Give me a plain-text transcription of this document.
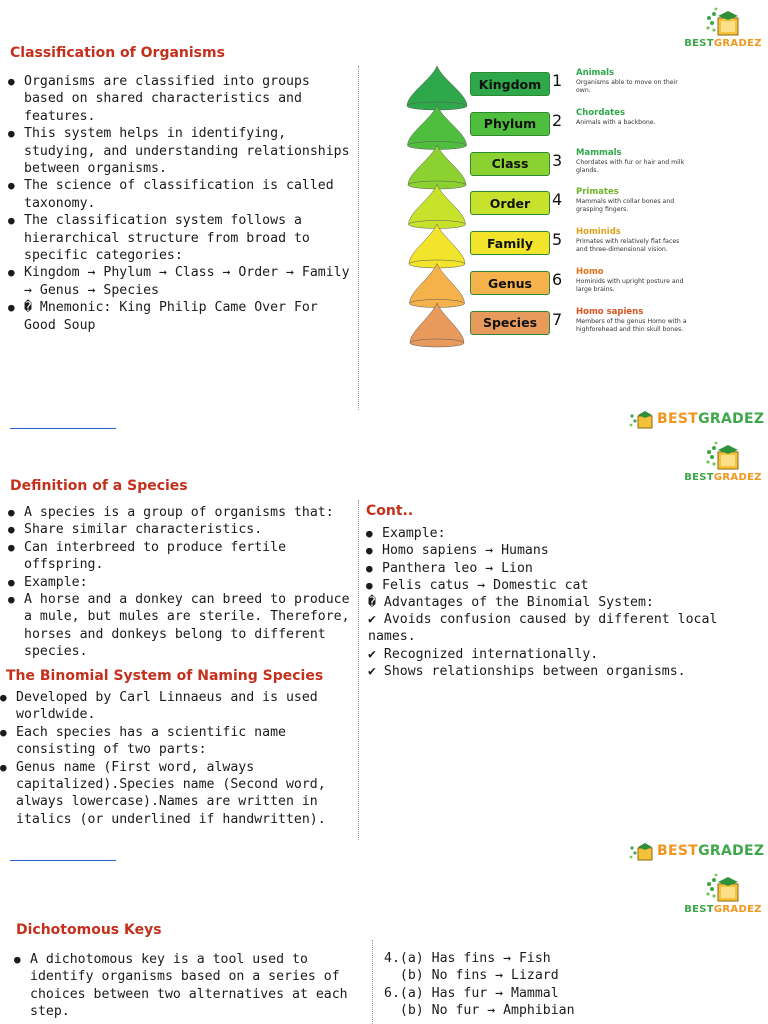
BESTGRADEZ
Classification of Organisms
● Organisms are classified into groups based on shared characteristics and features.
● This system helps in identifying, studying, and understanding relationships between organisms.
● The science of classification is called taxonomy.
● The classification system follows a hierarchical structure from broad to specific categories:
● Kingdom → Phylum → Class → Order → Family → Genus → Species
● � Mnemonic: King Philip Came Over For Good Soup
Kingdom 1 Animals
Organisms able to move on their own.
Phylum 2 Chordates
Animals with a backbone.
Class	3 Mammals
Chordates with fur or hair and milk glands.
Order	4 Primates
Mammals with collar bones and grasping fingers.
Family	5 Hominids
Primates with relatively flat faces and three-dimensional vision.
Genus	6 Homo
Hominids with upright posture and large brains.
Species 7 Homo sapiens
Members of the genus Homo with a highforehead and thin skull bones.
BESTGRADEZ
BESTGRADEZ
Definition of a Species
● A species is a group of organisms that:
● Share similar characteristics.
● Can interbreed to produce fertile offspring.
● Example:
● A horse and a donkey can breed to produce a mule, but mules are sterile. Therefore, horses and donkeys belong to different species.
The Binomial System of Naming Species
● Developed by Carl Linnaeus and is used worldwide.
● Each species has a scientific name consisting of two parts:
● Genus name (First word, always capitalized).Species name (Second word, always lowercase).Names are written in italics (or underlined if handwritten).
Cont..
● Example:
● Homo sapiens → Humans
● Panthera leo → Lion
● Felis catus → Domestic cat
� Advantages of the Binomial System:
✔ Avoids confusion caused by different local names.
✔ Recognized internationally.
✔ Shows relationships between organisms.
BESTGRADEZ
BESTGRADEZ
Dichotomous Keys
● A dichotomous key is a tool used to identify organisms based on a series of choices between two alternatives at each step.
4.(a) Has fins → Fish
(b) No fins → Lizard
6.(a) Has fur → Mammal
(b) No fur → Amphibian
